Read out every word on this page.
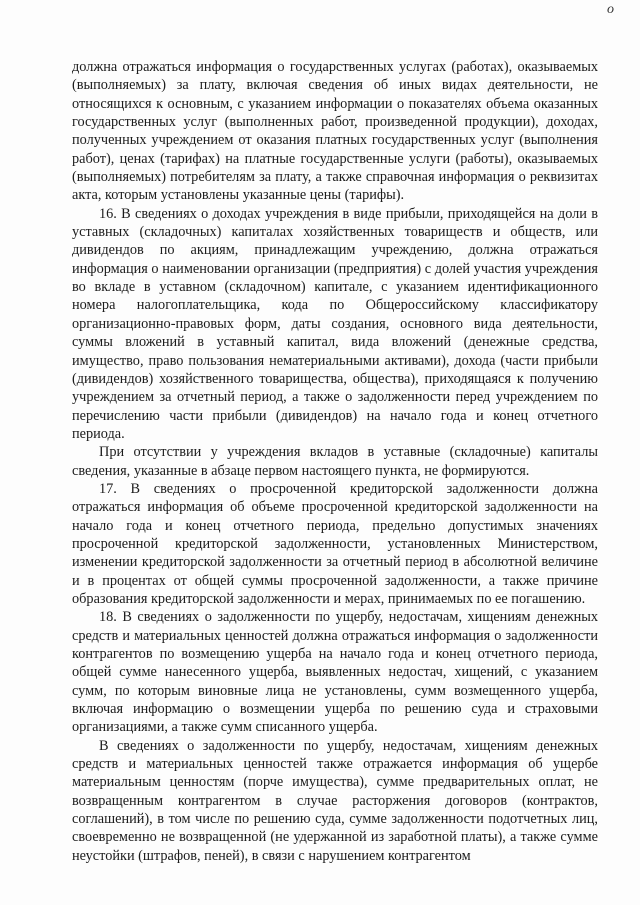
о

должна отражаться информация о государственных услугах (работах), оказываемых (выполняемых) за плату, включая сведения об иных видах деятельности, не относящихся к основным, с указанием информации о показателях объема оказанных государственных услуг (выполненных работ, произведенной продукции), доходах, полученных учреждением от оказания платных государственных услуг (выполнения работ), ценах (тарифах) на платные государственные услуги (работы), оказываемых (выполняемых) потребителям за плату, а также справочная информация о реквизитах акта, которым установлены указанные цены (тарифы).

16. В сведениях о доходах учреждения в виде прибыли, приходящейся на доли в уставных (складочных) капиталах хозяйственных товариществ и обществ, или дивидендов по акциям, принадлежащим учреждению, должна отражаться информация о наименовании организации (предприятия) с долей участия учреждения во вкладе в уставном (складочном) капитале, с указанием идентификационного номера налогоплательщика, кода по Общероссийскому классификатору организационно-правовых форм, даты создания, основного вида деятельности, суммы вложений в уставный капитал, вида вложений (денежные средства, имущество, право пользования нематериальными активами), дохода (части прибыли (дивидендов) хозяйственного товарищества, общества), приходящаяся к получению учреждением за отчетный период, а также о задолженности перед учреждением по перечислению части прибыли (дивидендов) на начало года и конец отчетного периода.

При отсутствии у учреждения вкладов в уставные (складочные) капиталы сведения, указанные в абзаце первом настоящего пункта, не формируются.

17. В сведениях о просроченной кредиторской задолженности должна отражаться информация об объеме просроченной кредиторской задолженности на начало года и конец отчетного периода, предельно допустимых значениях просроченной кредиторской задолженности, установленных Министерством, изменении кредиторской задолженности за отчетный период в абсолютной величине и в процентах от общей суммы просроченной задолженности, а также причине образования кредиторской задолженности и мерах, принимаемых по ее погашению.

18. В сведениях о задолженности по ущербу, недостачам, хищениям денежных средств и материальных ценностей должна отражаться информация о задолженности контрагентов по возмещению ущерба на начало года и конец отчетного периода, общей сумме нанесенного ущерба, выявленных недостач, хищений, с указанием сумм, по которым виновные лица не установлены, сумм возмещенного ущерба, включая информацию о возмещении ущерба по решению суда и страховыми организациями, а также сумм списанного ущерба.

В сведениях о задолженности по ущербу, недостачам, хищениям денежных средств и материальных ценностей также отражается информация об ущербе материальным ценностям (порче имущества), сумме предварительных оплат, не возвращенным контрагентом в случае расторжения договоров (контрактов, соглашений), в том числе по решению суда, сумме задолженности подотчетных лиц, своевременно не возвращенной (не удержанной из заработной платы), а также сумме неустойки (штрафов, пеней), в связи с нарушением контрагентом
